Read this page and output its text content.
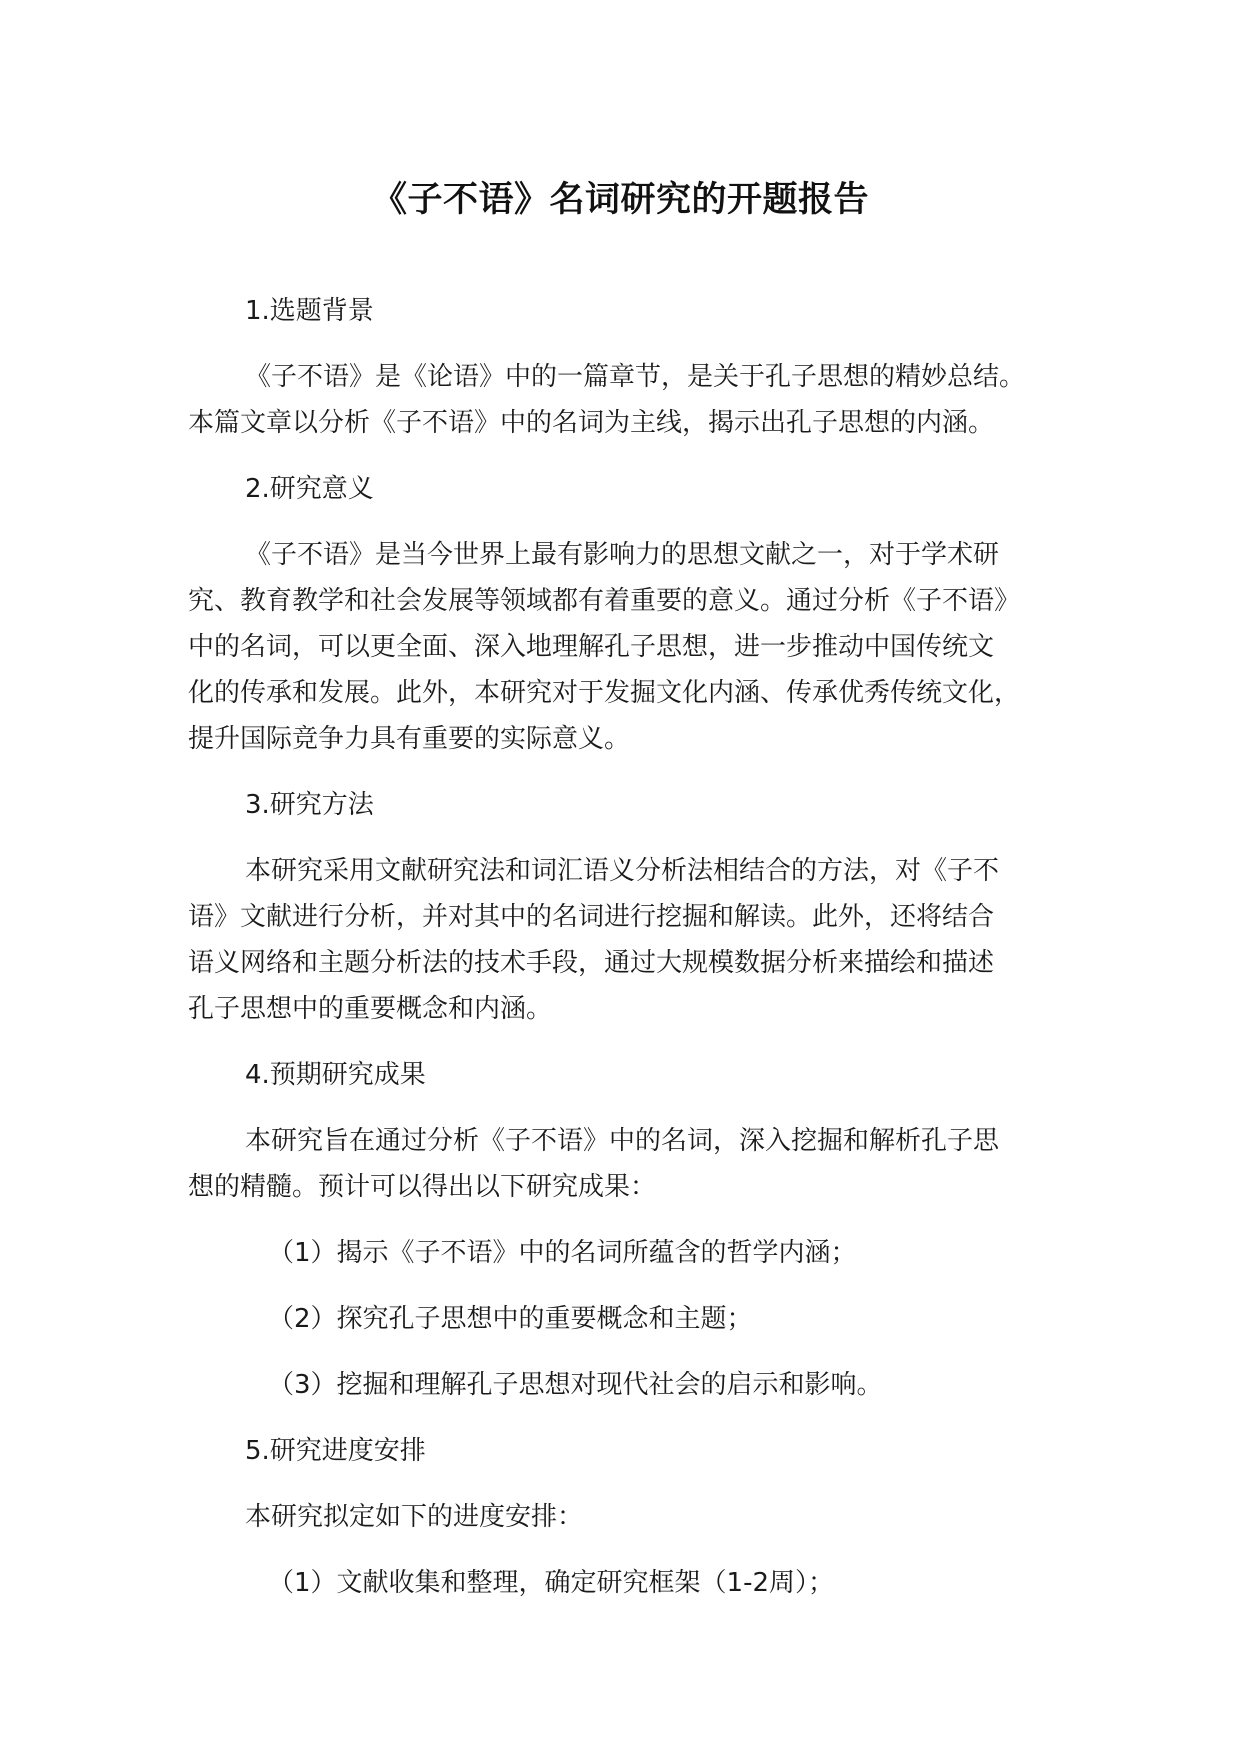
《子不语》名词研究的开题报告
1.选题背景
《子不语》是《论语》中的一篇章节，是关于孔子思想的精妙总结。
本篇文章以分析《子不语》中的名词为主线，揭示出孔子思想的内涵。
2.研究意义
《子不语》是当今世界上最有影响力的思想文献之一，对于学术研
究、教育教学和社会发展等领域都有着重要的意义。通过分析《子不语》
中的名词，可以更全面、深入地理解孔子思想，进一步推动中国传统文
化的传承和发展。此外，本研究对于发掘文化内涵、传承优秀传统文化，
提升国际竞争力具有重要的实际意义。
3.研究方法
本研究采用文献研究法和词汇语义分析法相结合的方法，对《子不
语》文献进行分析，并对其中的名词进行挖掘和解读。此外，还将结合
语义网络和主题分析法的技术手段，通过大规模数据分析来描绘和描述
孔子思想中的重要概念和内涵。
4.预期研究成果
本研究旨在通过分析《子不语》中的名词，深入挖掘和解析孔子思
想的精髓。预计可以得出以下研究成果：
（1）揭示《子不语》中的名词所蕴含的哲学内涵；
（2）探究孔子思想中的重要概念和主题；
（3）挖掘和理解孔子思想对现代社会的启示和影响。
5.研究进度安排
本研究拟定如下的进度安排：
（1）文献收集和整理，确定研究框架（1-2周）；
